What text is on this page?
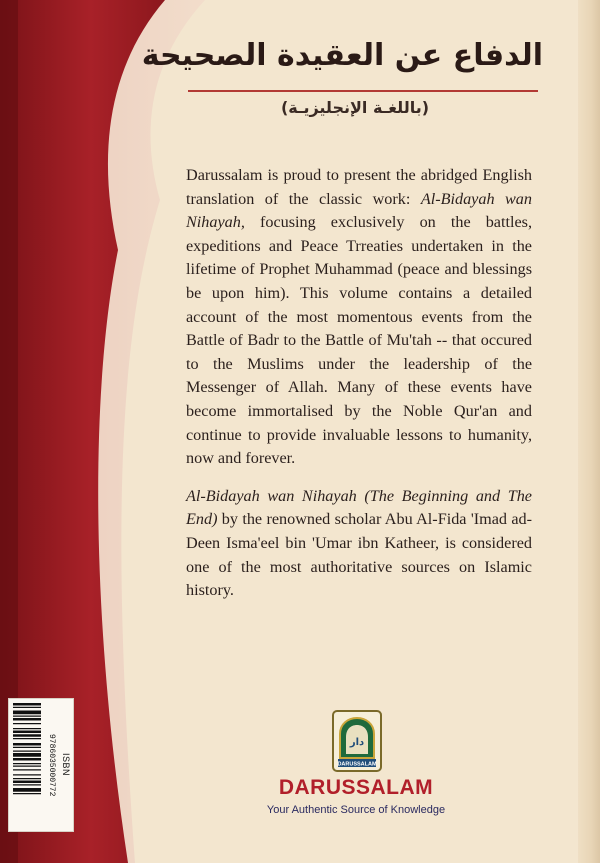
الدفاع عن العقيدة الصحيحة
(باللغـة الإنجليزيـة)

Darussalam is proud to present the abridged English translation of the classic work: Al-Bidayah wan Nihayah, focusing exclusively on the battles, expeditions and Peace Trreaties undertaken in the lifetime of Prophet Muhammad (peace and blessings be upon him). This volume contains a detailed account of the most momentous events from the Battle of Badr to the Battle of Mu'tah -- that occured to the Muslims under the leadership of the Messenger of Allah. Many of these events have become immortalised by the Noble Qur'an and continue to provide invaluable lessons to humanity, now and forever.

Al-Bidayah wan Nihayah (The Beginning and The End) by the renowned scholar Abu Al-Fida 'Imad ad-Deen Isma'eel bin 'Umar ibn Katheer, is considered one of the most authoritative sources on Islamic history.

9786035000772 ISBN
دار
DARUSSALAM
DARUSSALAM
Your Authentic Source of Knowledge
